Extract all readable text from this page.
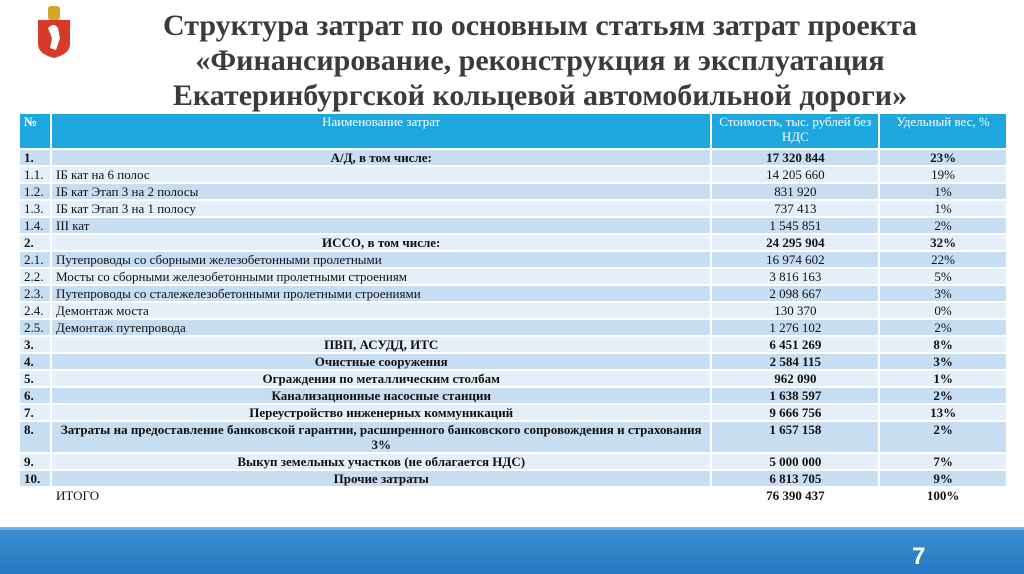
Структура затрат по основным статьям затрат проекта
«Финансирование, реконструкция и эксплуатация
Екатеринбургской кольцевой автомобильной дороги»
№	Наименование затрат	Стоимость, тыс. рублей без НДС	Удельный вес, %
1.	А/Д, в том числе:	17 320 844	23%
1.1.	IБ кат на 6 полос	14 205 660	19%
1.2.	IБ кат Этап 3 на 2 полосы	831 920	1%
1.3.	IБ кат Этап 3 на 1 полосу	737 413	1%
1.4.	III кат	1 545 851	2%
2.	ИССО, в том числе:	24 295 904	32%
2.1.	Путепроводы со сборными железобетонными пролетными	16 974 602	22%
2.2.	Мосты со сборными железобетонными пролетными строениям	3 816 163	5%
2.3.	Путепроводы со сталежелезобетонными пролетными строениями	2 098 667	3%
2.4.	Демонтаж моста	130 370	0%
2.5.	Демонтаж путепровода	1 276 102	2%
3.	ПВП, АСУДД, ИТС	6 451 269	8%
4.	Очистные сооружения	2 584 115	3%
5.	Ограждения по металлическим столбам	962 090	1%
6.	Канализационные насосные станции	1 638 597	2%
7.	Переустройство инженерных коммуникаций	9 666 756	13%
8.	Затраты на предоставление банковской гарантии, расширенного банковского сопровождения и страхования 3%	1 657 158	2%
9.	Выкуп земельных участков (не облагается НДС)	5 000 000	7%
10.	Прочие затраты	6 813 705	9%
	ИТОГО	76 390 437	100%
7
